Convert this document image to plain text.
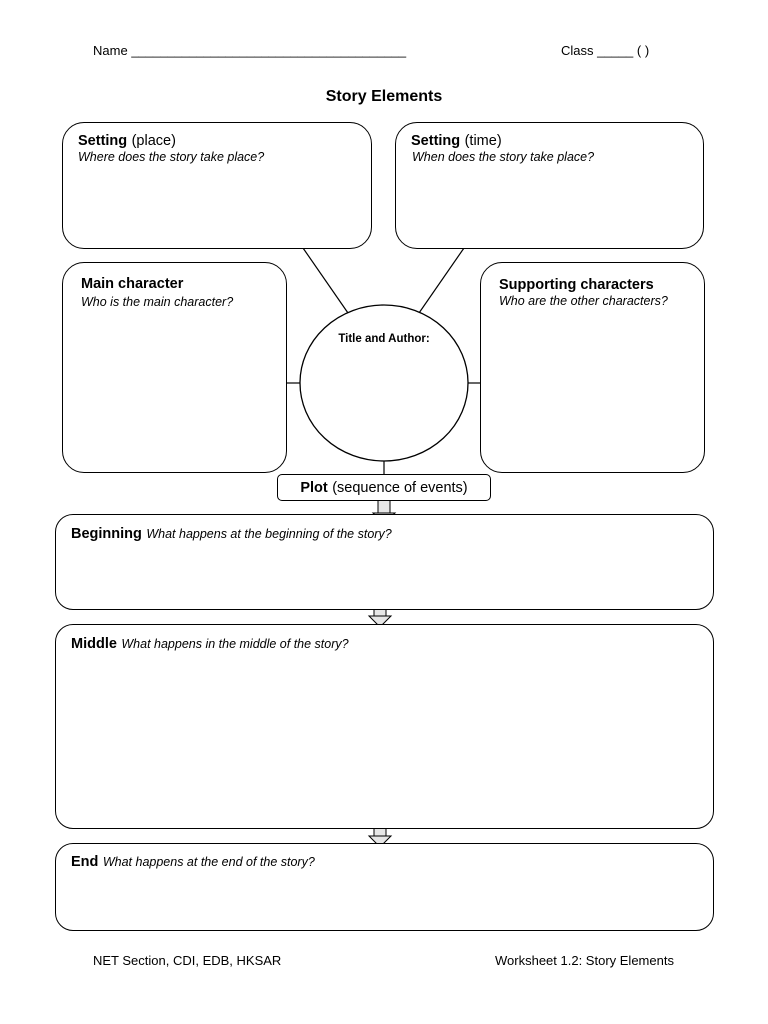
Name ______________________________________	Class _____ ( )
Story Elements
Setting (place)
Where does the story take place?
Setting (time)
When does the story take place?
Main character
Who is the main character?
Supporting characters
Who are the other characters?
Title and Author:
Plot (sequence of events)
Beginning What happens at the beginning of the story?
Middle What happens in the middle of the story?
End What happens at the end of the story?
NET Section, CDI, EDB, HKSAR	Worksheet 1.2: Story Elements
